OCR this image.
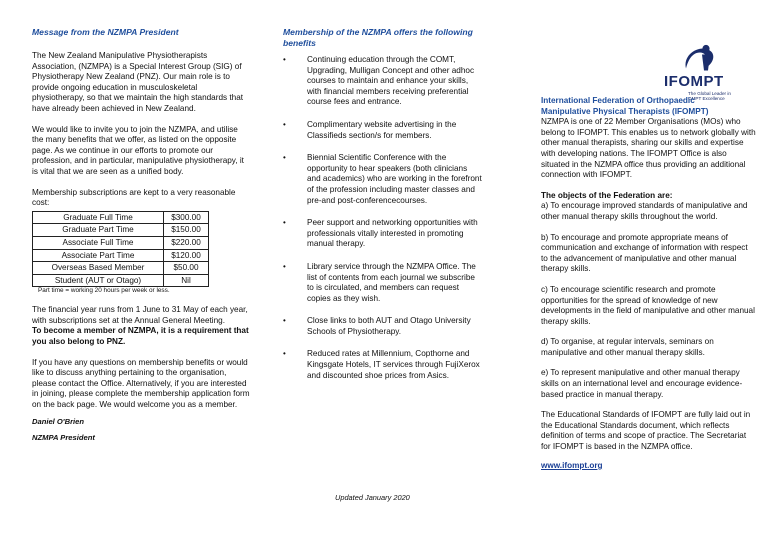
Message from the NZMPA President

The New Zealand Manipulative Physiotherapists Association, (NZMPA) is a Special Interest Group (SIG) of Physiotherapy New Zealand (PNZ). Our main role is to provide ongoing education in musculoskeletal physiotherapy, so that we maintain the high standards that have already been achieved in New Zealand.

We would like to invite you to join the NZMPA, and utilise the many benefits that we offer, as listed on the opposite page. As we continue in our efforts to promote our profession, and in particular, manipulative physiotherapy, it is vital that we are seen as a unified body.

Membership subscriptions are kept to a very reasonable cost:

Graduate Full Time	$300.00
Graduate Part Time	$150.00
Associate Full Time	$220.00
Associate Part Time	$120.00
Overseas Based Member	$50.00
Student (AUT or Otago)	Nil

Part time = working 20 hours per week or less.

The financial year runs from 1 June to 31 May of each year, with subscriptions set at the Annual General Meeting.

To become a member of NZMPA, it is a requirement that you also belong to PNZ.

If you have any questions on membership benefits or would like to discuss anything pertaining to the organisation, please contact the Office. Alternatively, if you are interested in joining, please complete the membership application form on the back page. We would welcome you as a member.

Daniel O'Brien

NZMPA President

Membership of the NZMPA offers the following benefits

•	Continuing education through the COMT, Upgrading, Mulligan Concept and other adhoc courses to maintain and enhance your skills, with financial members receiving preferential course fees and entrance.
•	Complimentary website advertising in the Classifieds section/s for members.
•	Biennial Scientific Conference with the opportunity to hear speakers (both clinicians and academics) who are working in the forefront of the profession including master classes and pre-and post-conferencecourses.
•	Peer support and networking opportunities with professionals vitally interested in promoting manual therapy.
•	Library service through the NZMPA Office. The list of contents from each journal we subscribe to is circulated, and members can request copies as they wish.
•	Close links to both AUT and Otago University Schools of Physiotherapy.
•	Reduced rates at Millennium, Copthorne and Kingsgate Hotels, IT services through FujiXerox and discounted shoe prices from Asics.
Updated January 2020
IFOMPT
The Global Leader in OMPT Excellence

International Federation of Orthopaedic Manipulative Physical Therapists (IFOMPT)

NZMPA is one of 22 Member Organisations (MOs) who belong to IFOMPT. This enables us to network globally with other manual therapists, sharing our skills and expertise with developing nations. The IFOMPT Office is also situated in the NZMPA office thus providing an additional connection with IFOMPT.

The objects of the Federation are:

a) To encourage improved standards of manipulative and other manual therapy skills throughout the world.

b) To encourage and promote appropriate means of communication and exchange of information with respect to the advancement of manipulative and other manual therapy skills.

c) To encourage scientific research and promote opportunities for the spread of knowledge of new developments in the field of manipulative and other manual therapy skills.

d) To organise, at regular intervals, seminars on manipulative and other manual therapy skills.

e) To represent manipulative and other manual therapy skills on an international level and encourage evidence-based practice in manual therapy.

The Educational Standards of IFOMPT are fully laid out in the Educational Standards document, which reflects definition of terms and scope of practice. The Secretariat for IFOMPT is based in the NZMPA office.

www.ifompt.org
